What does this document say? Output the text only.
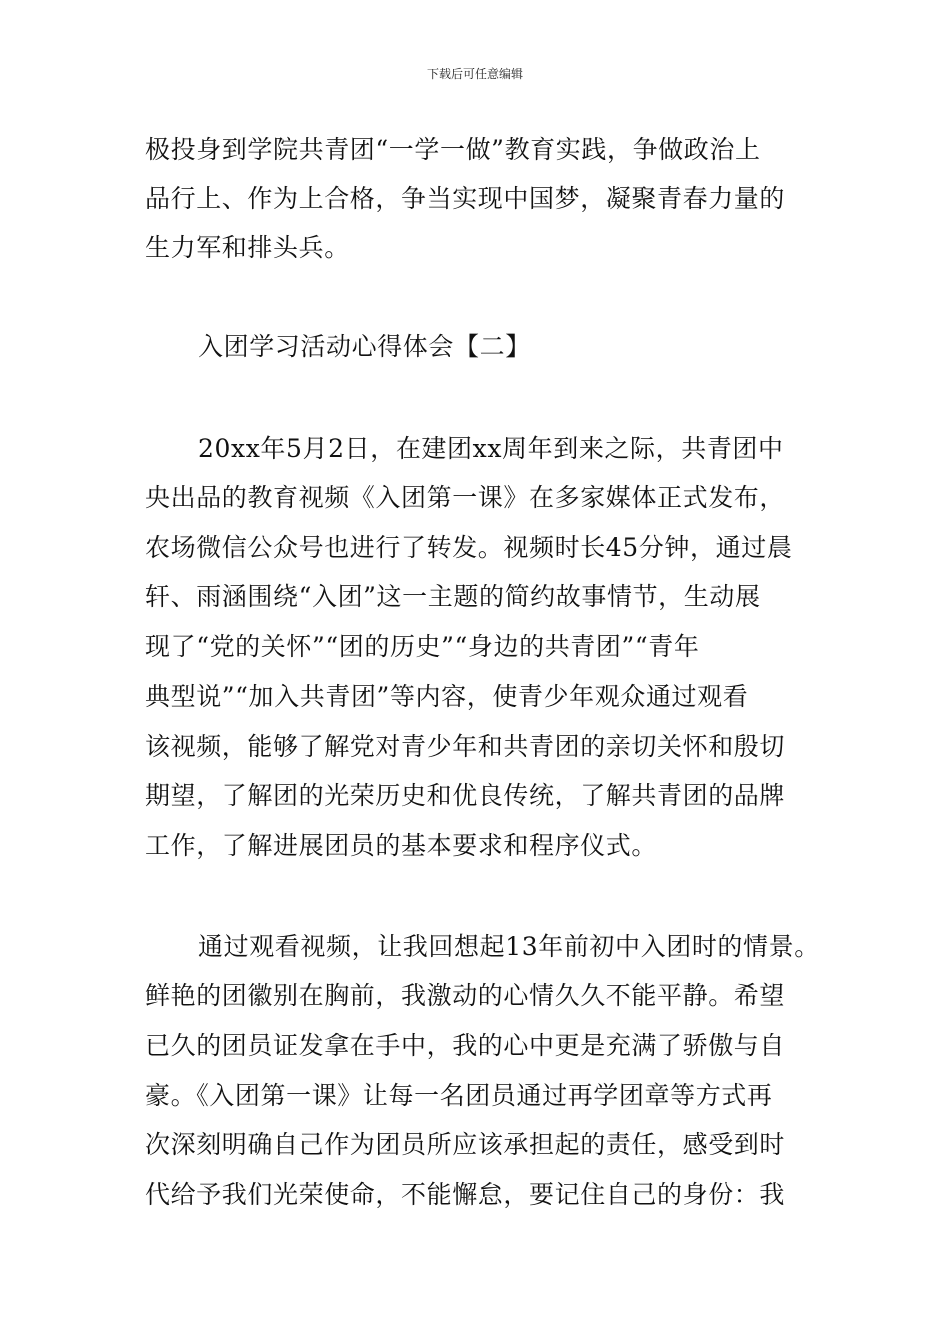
下载后可任意编辑
极投身到学院共青团“一学一做”教育实践，争做政治上
品行上、作为上合格，争当实现中国梦，凝聚青春力量的
生力军和排头兵。
入团学习活动心得体会【二】
20xx年5月2日，在建团xx周年到来之际，共青团中
央出品的教育视频《入团第一课》在多家媒体正式发布，
农场微信公众号也进行了转发。视频时长45分钟，通过晨
轩、雨涵围绕“入团”这一主题的简约故事情节，生动展
现了“党的关怀”“团的历史”“身边的共青团”“青年
典型说”“加入共青团”等内容，使青少年观众通过观看
该视频，能够了解党对青少年和共青团的亲切关怀和殷切
期望，了解团的光荣历史和优良传统，了解共青团的品牌
工作，了解进展团员的基本要求和程序仪式。
通过观看视频，让我回想起13年前初中入团时的情景。
鲜艳的团徽别在胸前，我激动的心情久久不能平静。希望
已久的团员证发拿在手中，我的心中更是充满了骄傲与自
豪。《入团第一课》让每一名团员通过再学团章等方式再
次深刻明确自己作为团员所应该承担起的责任，感受到时
代给予我们光荣使命，不能懈怠，要记住自己的身份：我
